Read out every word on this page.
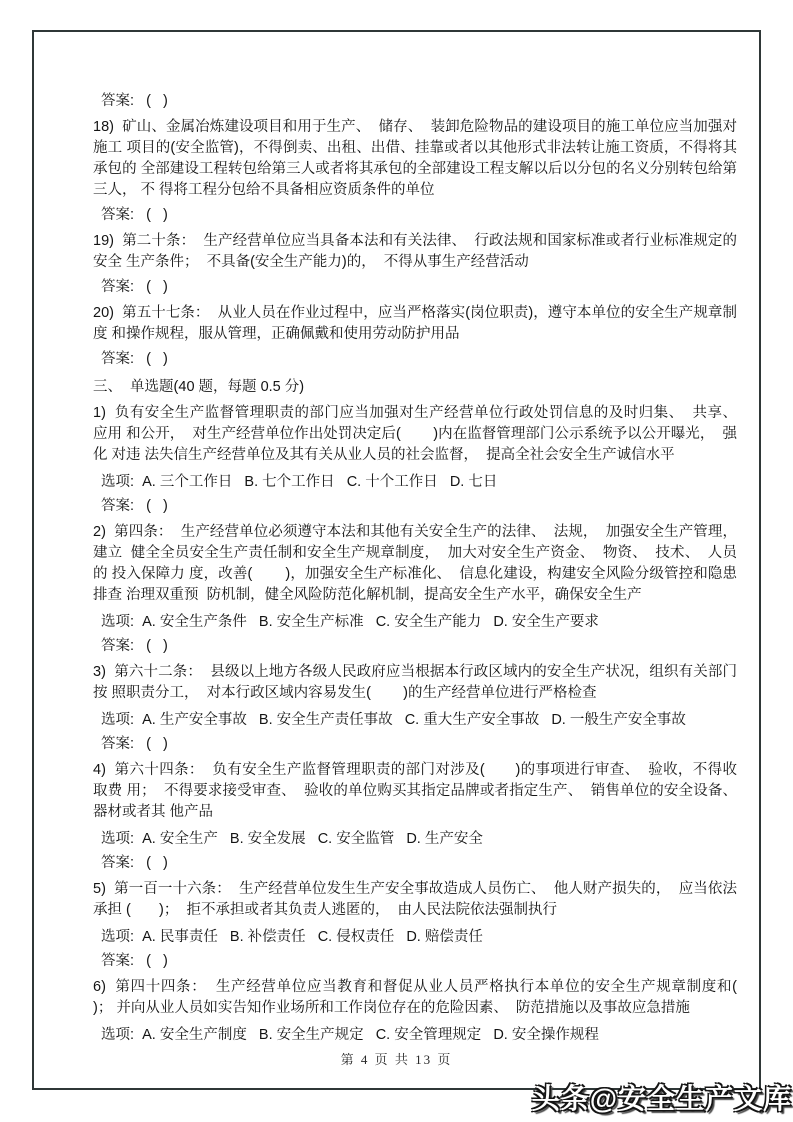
答案:   (   )

18)  矿山、金属冶炼建设项目和用于生产、  储存、  装卸危险物品的建设项目的施工单位应当加强对施工 项目的(安全监管)，不得倒卖、出租、出借、挂靠或者以其他形式非法转让施工资质，不得将其承包的 全部建设工程转包给第三人或者将其承包的全部建设工程支解以后以分包的名义分别转包给第三人， 不 得将工程分包给不具备相应资质条件的单位

答案:   (   )

19)  第二十条：  生产经营单位应当具备本法和有关法律、  行政法规和国家标准或者行业标准规定的 安全 生产条件；  不具备(安全生产能力)的，  不得从事生产经营活动

答案:   (   )

20)  第五十七条：  从业人员在作业过程中，应当严格落实(岗位职责)，遵守本单位的安全生产规章制度 和操作规程，服从管理，正确佩戴和使用劳动防护用品

答案:   (   )

三、  单选题(40 题，每题 0.5 分)

1)  负有安全生产监督管理职责的部门应当加强对生产经营单位行政处罚信息的及时归集、  共享、  应用 和公开，  对生产经营单位作出处罚决定后(        )内在监督管理部门公示系统予以公开曝光，  强化 对违 法失信生产经营单位及其有关从业人员的社会监督，  提高全社会安全生产诚信水平

选项:  A. 三个工作日   B. 七个工作日   C. 十个工作日   D. 七日

答案:   (   )

2)  第四条：  生产经营单位必须遵守本法和其他有关安全生产的法律、  法规，  加强安全生产管理，建立  健全全员安全生产责任制和安全生产规章制度，  加大对安全生产资金、  物资、  技术、  人员的 投入保障力 度，改善(        )，加强安全生产标准化、  信息化建设，构建安全风险分级管控和隐患排查 治理双重预  防机制，健全风险防范化解机制，提高安全生产水平，确保安全生产

选项:  A. 安全生产条件   B. 安全生产标准   C. 安全生产能力   D. 安全生产要求

答案:   (   )

3)  第六十二条：  县级以上地方各级人民政府应当根据本行政区域内的安全生产状况，组织有关部门按 照职责分工，  对本行政区域内容易发生(        )的生产经营单位进行严格检查

选项:  A. 生产安全事故   B. 安全生产责任事故   C. 重大生产安全事故   D. 一般生产安全事故

答案:   (   )

4)  第六十四条：  负有安全生产监督管理职责的部门对涉及(       )的事项进行审查、  验收，不得收 取费 用；  不得要求接受审查、  验收的单位购买其指定品牌或者指定生产、  销售单位的安全设备、 器材或者其 他产品

选项:  A. 安全生产   B. 安全发展   C. 安全监管   D. 生产安全

答案:   (   )

5)  第一百一十六条：  生产经营单位发生生产安全事故造成人员伤亡、  他人财产损失的，  应当依法 承担 (       )；  拒不承担或者其负责人逃匿的，  由人民法院依法强制执行

选项:  A. 民事责任   B. 补偿责任   C. 侵权责任   D. 赔偿责任

答案:   (   )

6)  第四十四条：  生产经营单位应当教育和督促从业人员严格执行本单位的安全生产规章制度和(        )； 并向从业人员如实告知作业场所和工作岗位存在的危险因素、  防范措施以及事故应急措施

选项:  A. 安全生产制度   B. 安全生产规定   C. 安全管理规定   D. 安全操作规程

第 4 页 共 13 页
头条@安全生产文库
